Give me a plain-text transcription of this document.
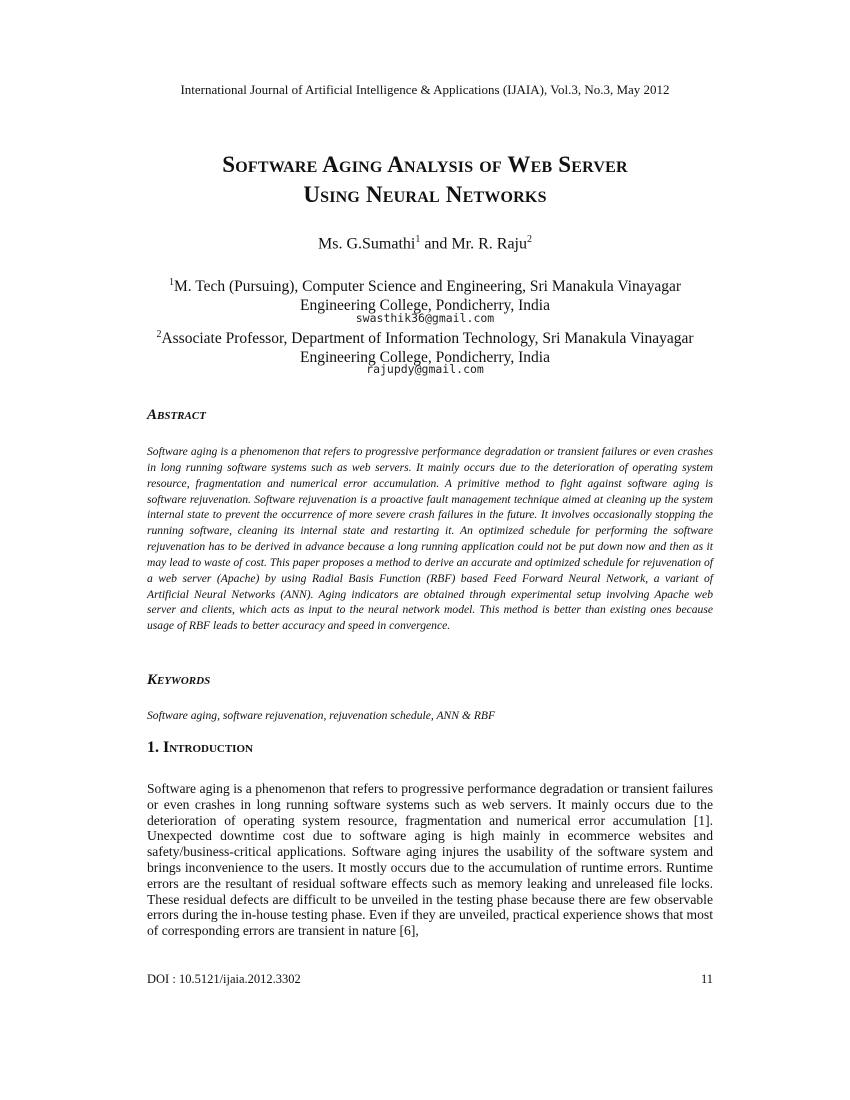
International Journal of Artificial Intelligence & Applications (IJAIA), Vol.3, No.3, May 2012
Software Aging Analysis of Web Server
Using Neural Networks
Ms. G.Sumathi$^1$ and Mr. R. Raju$^2$
$^1$M. Tech (Pursuing), Computer Science and Engineering, Sri Manakula Vinayagar
Engineering College, Pondicherry, India
swasthik36@gmail.com
$^2$Associate Professor, Department of Information Technology, Sri Manakula Vinayagar
Engineering College, Pondicherry, India
rajupdy@gmail.com
Abstract
Software aging is a phenomenon that refers to progressive performance degradation or transient failures or even crashes in long running software systems such as web servers. It mainly occurs due to the deterioration of operating system resource, fragmentation and numerical error accumulation. A primitive method to fight against software aging is software rejuvenation. Software rejuvenation is a proactive fault management technique aimed at cleaning up the system internal state to prevent the occurrence of more severe crash failures in the future. It involves occasionally stopping the running software, cleaning its internal state and restarting it. An optimized schedule for performing the software rejuvenation has to be derived in advance because a long running application could not be put down now and then as it may lead to waste of cost. This paper proposes a method to derive an accurate and optimized schedule for rejuvenation of a web server (Apache) by using Radial Basis Function (RBF) based Feed Forward Neural Network, a variant of Artificial Neural Networks (ANN). Aging indicators are obtained through experimental setup involving Apache web server and clients, which acts as input to the neural network model. This method is better than existing ones because usage of RBF leads to better accuracy and speed in convergence.
Keywords
Software aging, software rejuvenation, rejuvenation schedule, ANN & RBF
1. Introduction
Software aging is a phenomenon that refers to progressive performance degradation or transient failures or even crashes in long running software systems such as web servers. It mainly occurs due to the deterioration of operating system resource, fragmentation and numerical error accumulation [1]. Unexpected downtime cost due to software aging is high mainly in ecommerce websites and safety/business-critical applications. Software aging injures the usability of the software system and brings inconvenience to the users. It mostly occurs due to the accumulation of runtime errors. Runtime errors are the resultant of residual software effects such as memory leaking and unreleased file locks. These residual defects are difficult to be unveiled in the testing phase because there are few observable errors during the in-house testing phase. Even if they are unveiled, practical experience shows that most of corresponding errors are transient in nature [6],
DOI : 10.5121/ijaia.2012.3302	11
